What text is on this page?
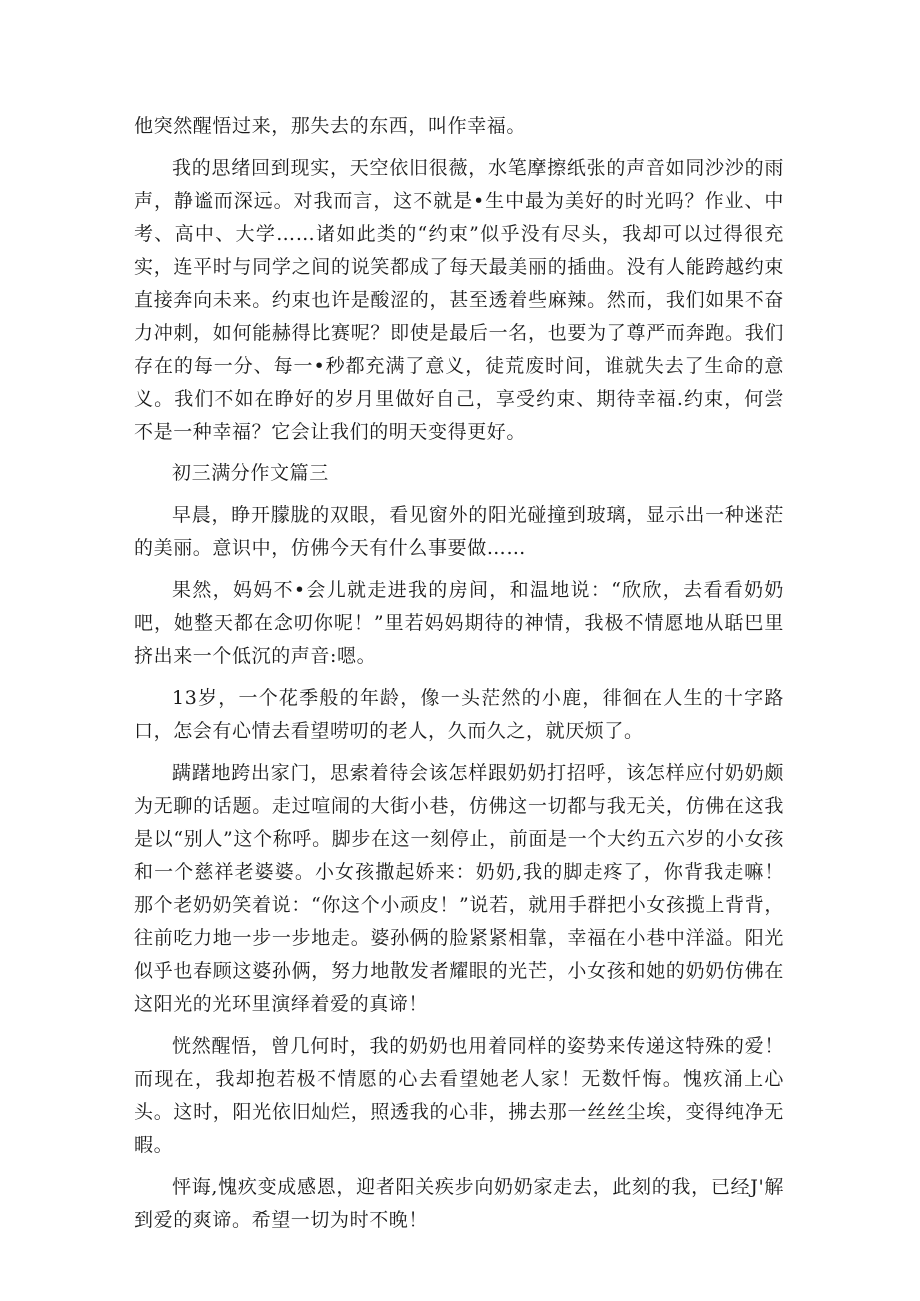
他突然醒悟过来，那失去的东西，叫作幸福。

我的思绪回到现实，天空依旧很薇，水笔摩擦纸张的声音如同沙沙的雨声，静谧而深远。对我而言，这不就是•生中最为美好的时光吗？作业、中考、高中、大学……诸如此类的“约束”似乎没有尽头，我却可以过得很充实，连平时与同学之间的说笑都成了每天最美丽的插曲。没有人能跨越约束直接奔向未来。约束也许是酸涩的，甚至透着些麻辣。然而，我们如果不奋力冲刺，如何能赫得比赛呢？即使是最后一名，也要为了尊严而奔跑。我们存在的每一分、每一•秒都充满了意义，徒荒废时间，谁就失去了生命的意义。我们不如在睁好的岁月里做好自己，享受约束、期待幸福.约束，何尝不是一种幸福？它会让我们的明天变得更好。

初三满分作文篇三

早晨，睁开朦胧的双眼，看见窗外的阳光碰撞到玻璃，显示出一种迷茫的美丽。意识中，仿佛今天有什么事要做……

果然，妈妈不•会儿就走进我的房间，和温地说：“欣欣，去看看奶奶吧，她整天都在念叨你呢！”里若妈妈期待的神情，我极不情愿地从聒巴里挤出来一个低沉的声音:嗯。

13岁，一个花季般的年龄，像一头茫然的小鹿，徘徊在人生的十字路口，怎会有心情去看望唠叨的老人，久而久之，就厌烦了。

蹒躇地跨出家门，思索着待会该怎样跟奶奶打招呼，该怎样应付奶奶颇为无聊的话题。走过喧闹的大街小巷，仿佛这一切都与我无关，仿佛在这我是以“别人”这个称呼。脚步在这一刻停止，前面是一个大约五六岁的小女孩和一个慈祥老婆婆。小女孩撒起娇来：奶奶,我的脚走疼了，你背我走嘛！那个老奶奶笑着说：“你这个小顽皮！”说若，就用手群把小女孩揽上背背，往前吃力地一步一步地走。婆孙俩的脸紧紧相靠，幸福在小巷中洋溢。阳光似乎也春顾这婆孙俩，努力地散发者耀眼的光芒，小女孩和她的奶奶仿佛在这阳光的光环里演绎着爱的真谛！

恍然醒悟，曾几何时，我的奶奶也用着同样的姿势来传递这特殊的爱！而现在，我却抱若极不情愿的心去看望她老人家！无数忏悔。愧疚涌上心头。这时，阳光依旧灿烂，照透我的心非，拂去那一丝丝尘埃，变得纯净无暇。

怦诲,愧疚变成感恩，迎者阳关疾步向奶奶家走去，此刻的我，已经J'解到爱的爽谛。希望一切为时不晚！
